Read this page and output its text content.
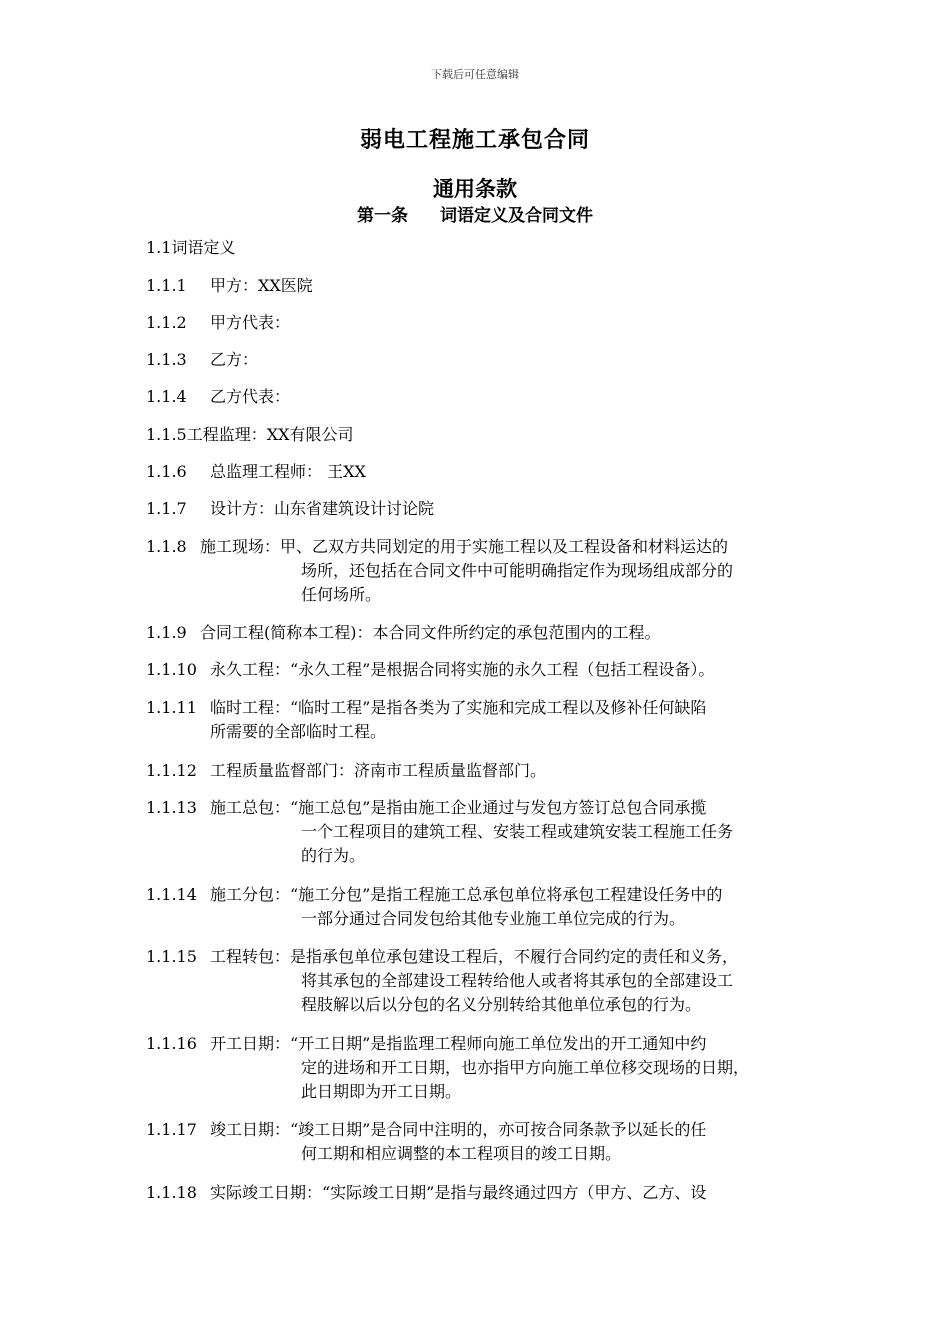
下载后可任意编辑
弱电工程施工承包合同
通用条款
第一条 词语定义及合同文件
1.1词语定义
1.1.1 甲方：XX医院
1.1.2 甲方代表：
1.1.3 乙方：
1.1.4 乙方代表：
1.1.5工程监理：XX有限公司
1.1.6 总监理工程师： 王XX
1.1.7 设计方：山东省建筑设计讨论院
1.1.8 施工现场：甲、乙双方共同划定的用于实施工程以及工程设备和材料运达的
场所，还包括在合同文件中可能明确指定作为现场组成部分的
任何场所。
1.1.9 合同工程(简称本工程)：本合同文件所约定的承包范围内的工程。
1.1.10 永久工程：“永久工程”是根据合同将实施的永久工程（包括工程设备）。
1.1.11 临时工程：“临时工程”是指各类为了实施和完成工程以及修补任何缺陷
所需要的全部临时工程。
1.1.12 工程质量监督部门：济南市工程质量监督部门。
1.1.13 施工总包：“施工总包”是指由施工企业通过与发包方签订总包合同承揽
一个工程项目的建筑工程、安装工程或建筑安装工程施工任务
的行为。
1.1.14 施工分包：“施工分包”是指工程施工总承包单位将承包工程建设任务中的
一部分通过合同发包给其他专业施工单位完成的行为。
1.1.15 工程转包：是指承包单位承包建设工程后，不履行合同约定的责任和义务，
将其承包的全部建设工程转给他人或者将其承包的全部建设工
程肢解以后以分包的名义分别转给其他单位承包的行为。
1.1.16 开工日期：“开工日期”是指监理工程师向施工单位发出的开工通知中约
定的进场和开工日期，也亦指甲方向施工单位移交现场的日期，
此日期即为开工日期。
1.1.17 竣工日期：“竣工日期”是合同中注明的，亦可按合同条款予以延长的任
何工期和相应调整的本工程项目的竣工日期。
1.1.18 实际竣工日期：“实际竣工日期”是指与最终通过四方（甲方、乙方、设
